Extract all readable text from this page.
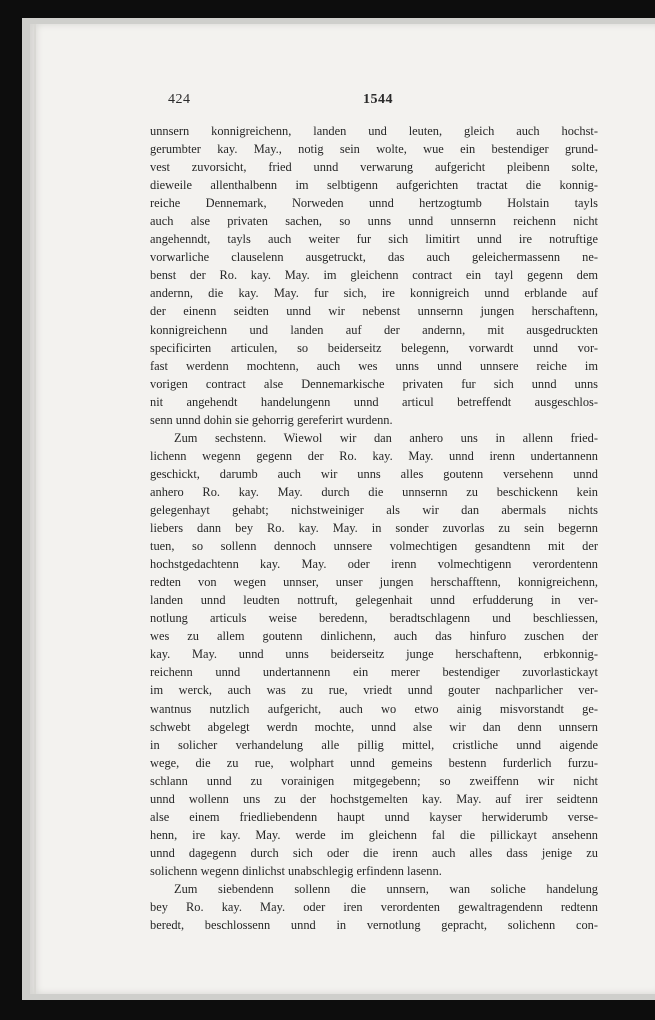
424	1544
unnsern konnigreichenn, landen und leuten, gleich auch hochst-
gerumbter kay. May., notig sein wolte, wue ein bestendiger grund-
vest zuvorsicht, fried unnd verwarung aufgericht pleibenn solte,
dieweile allenthalbenn im selbtigenn aufgerichten tractat die konnig-
reiche Dennemark, Norweden unnd hertzogtumb Holstain tayls
auch alse privaten sachen, so unns unnd unnsernn reichenn nicht
angehenndt, tayls auch weiter fur sich limitirt unnd ire notruftige
vorwarliche clauselenn ausgetruckt, das auch geleichermassenn ne-
benst der Ro. kay. May. im gleichenn contract ein tayl gegenn dem
andernn, die kay. May. fur sich, ire konnigreich unnd erblande auf
der einenn seidten unnd wir nebenst unnsernn jungen herschaftenn,
konnigreichenn und landen auf der andernn, mit ausgedruckten
specificirten articulen, so beiderseitz belegenn, vorwardt unnd vor-
fast werdenn mochtenn, auch wes unns unnd unnsere reiche im
vorigen contract alse Dennemarkische privaten fur sich unnd unns
nit angehendt handelungenn unnd articul betreffendt ausgeschlos-
senn unnd dohin sie gehorrig gereferirt wurdenn.
Zum sechstenn. Wiewol wir dan anhero uns in allenn fried-
lichenn wegenn gegenn der Ro. kay. May. unnd irenn undertannenn
geschickt, darumb auch wir unns alles goutenn versehenn unnd
anhero Ro. kay. May. durch die unnsernn zu beschickenn kein
gelegenhayt gehabt; nichstweiniger als wir dan abermals nichts
liebers dann bey Ro. kay. May. in sonder zuvorlas zu sein begernn
tuen, so sollenn dennoch unnsere volmechtigen gesandtenn mit der
hochstgedachtenn kay. May. oder irenn volmechtigenn verordentenn
redten von wegen unnser, unser jungen herschafftenn, konnigreichenn,
landen unnd leudten nottruft, gelegenhait unnd erfudderung in ver-
notlung articuls weise beredenn, beradtschlagenn und beschliessen,
wes zu allem goutenn dinlichenn, auch das hinfuro zuschen der
kay. May. unnd unns beiderseitz junge herschaftenn, erbkonnig-
reichenn unnd undertannenn ein merer bestendiger zuvorlastickayt
im werck, auch was zu rue, vriedt unnd gouter nachparlicher ver-
wantnus nutzlich aufgericht, auch wo etwo ainig misvorstandt ge-
schwebt abgelegt werdn mochte, unnd alse wir dan denn unnsern
in solicher verhandelung alle pillig mittel, cristliche unnd aigende
wege, die zu rue, wolphart unnd gemeins bestenn furderlich furzu-
schlann unnd zu vorainigen mitgegebenn; so zweiffenn wir nicht
unnd wollenn uns zu der hochstgemelten kay. May. auf irer seidtenn
alse einem friedliebendenn haupt unnd kayser herwiderumb verse-
henn, ire kay. May. werde im gleichenn fal die pillickayt ansehenn
unnd dagegenn durch sich oder die irenn auch alles dass jenige zu
solichenn wegenn dinlichst unabschlegig erfindenn lasenn.
Zum siebendenn sollenn die unnsern, wan soliche handelung
bey Ro. kay. May. oder iren verordenten gewaltragendenn redtenn
beredt, beschlossenn unnd in vernotlung gepracht, solichenn con-
